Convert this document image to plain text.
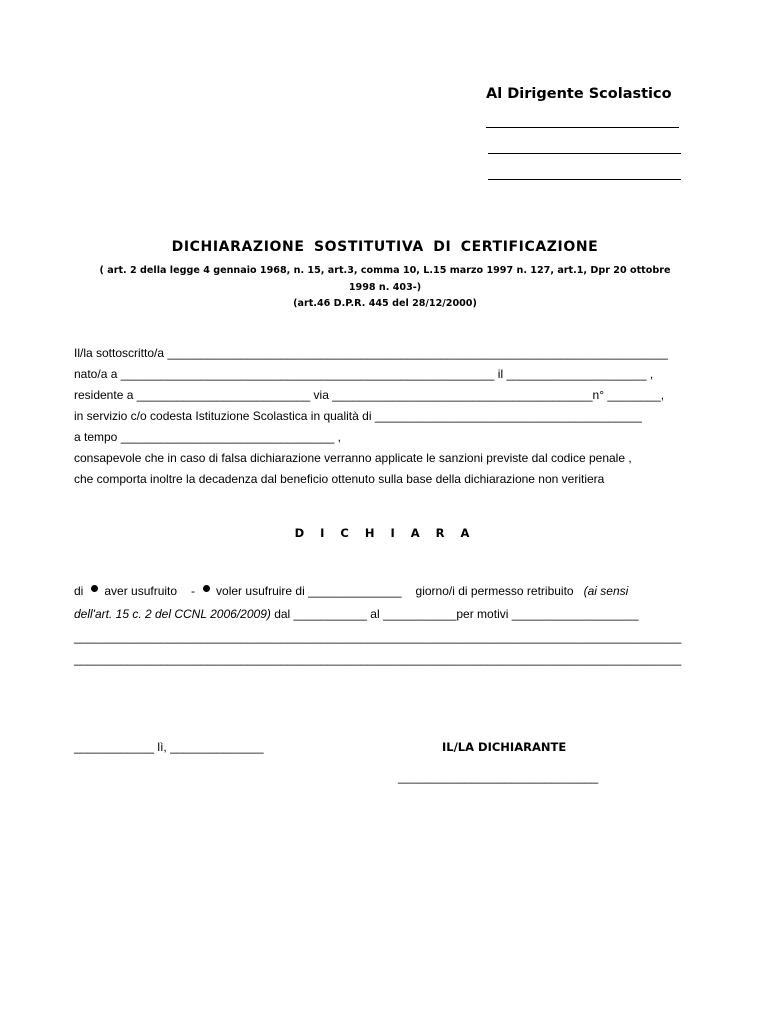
Al Dirigente Scolastico
DICHIARAZIONE SOSTITUTIVA DI CERTIFICAZIONE
( art. 2 della legge 4 gennaio 1968, n. 15, art.3, comma 10, L.15 marzo 1997 n. 127, art.1, Dpr 20 ottobre
1998 n. 403-)
(art.46 D.P.R. 445 del 28/12/2000)
Il/la sottoscritto/a ___________________________________________________________________________
nato/a a ________________________________________________________ il _____________________ ,
residente a __________________________ via _______________________________________n° ________,
in servizio c/o codesta Istituzione Scolastica in qualità di ________________________________________
a tempo ________________________________ ,
consapevole che in caso di falsa dichiarazione verranno applicate le sanzioni previste dal codice penale ,
che comporta inoltre la decadenza dal beneficio ottenuto sulla base della dichiarazione non veritiera
D I C H I A R A
di aver usufruito - voler usufruire di ______________ giorno/i di permesso retribuito (ai sensi
dell'art. 15 c. 2 del CCNL 2006/2009) dal ___________ al ___________per motivi ___________________
___________________________________________________________________________________________
___________________________________________________________________________________________
____________ lì, ______________	IL/LA DICHIARANTE
______________________________
